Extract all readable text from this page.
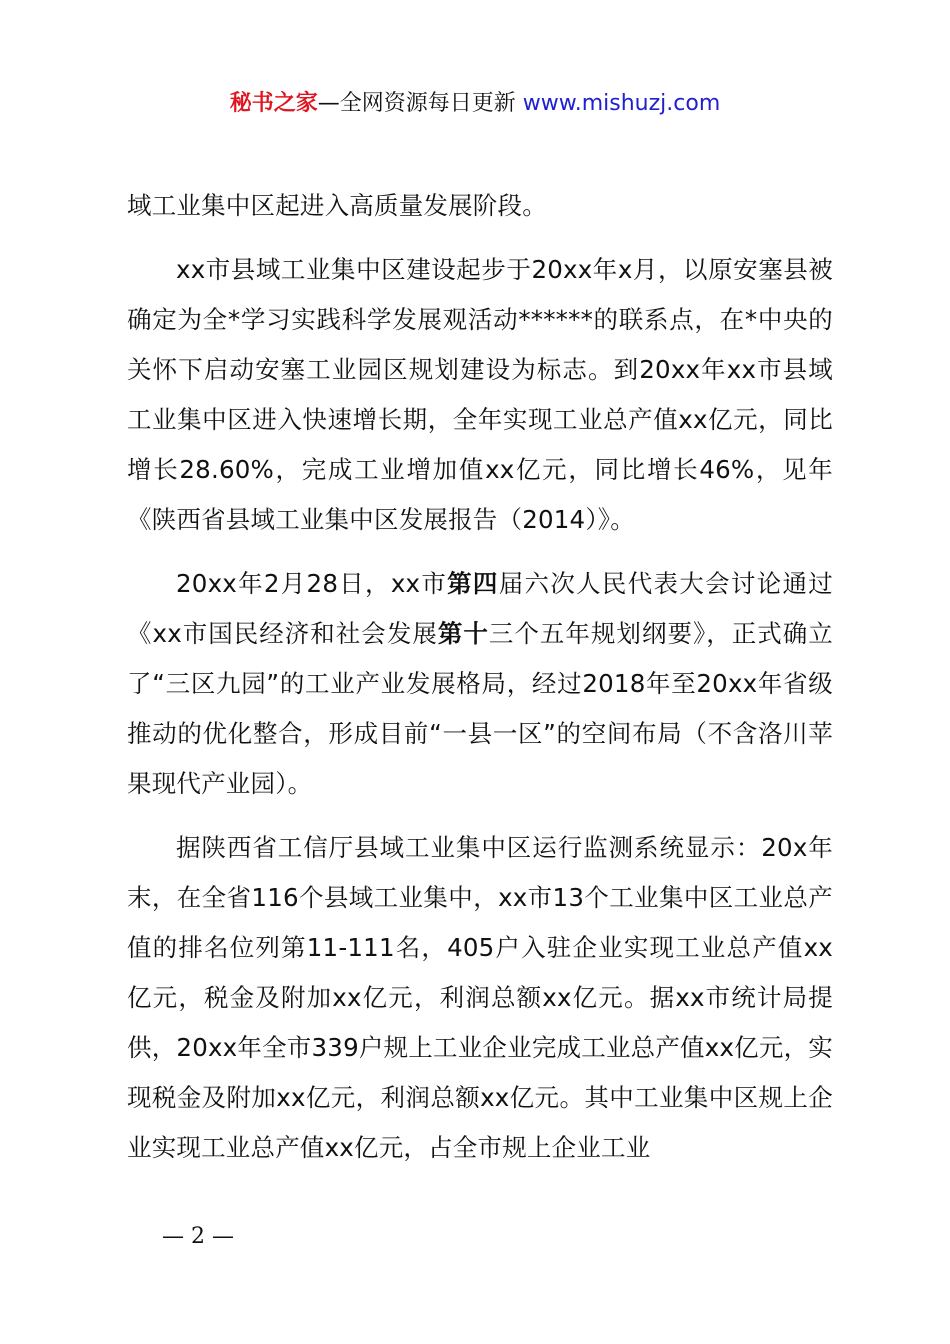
秘书之家—全网资源每日更新 www.mishuzj.com

域工业集中区起进入高质量发展阶段。

xx市县域工业集中区建设起步于20xx年x月，以原安塞县被确定为全*学习实践科学发展观活动******的联系点，在*中央的关怀下启动安塞工业园区规划建设为标志。到20xx年xx市县域工业集中区进入快速增长期，全年实现工业总产值xx亿元，同比增长28.60%，完成工业增加值xx亿元，同比增长46%，见年《陕西省县域工业集中区发展报告（2014）》。

20xx年2月28日，xx市第四届六次人民代表大会讨论通过《xx市国民经济和社会发展第十三个五年规划纲要》，正式确立了“三区九园”的工业产业发展格局，经过2018年至20xx年省级推动的优化整合，形成目前“一县一区”的空间布局（不含洛川苹果现代产业园）。

据陕西省工信厅县域工业集中区运行监测系统显示：20x年末，在全省116个县域工业集中，xx市13个工业集中区工业总产值的排名位列第11-111名，405户入驻企业实现工业总产值xx亿元，税金及附加xx亿元，利润总额xx亿元。据xx市统计局提供，20xx年全市339户规上工业企业完成工业总产值xx亿元，实现税金及附加xx亿元，利润总额xx亿元。其中工业集中区规上企业实现工业总产值xx亿元，占全市规上企业工业

— 2 —
